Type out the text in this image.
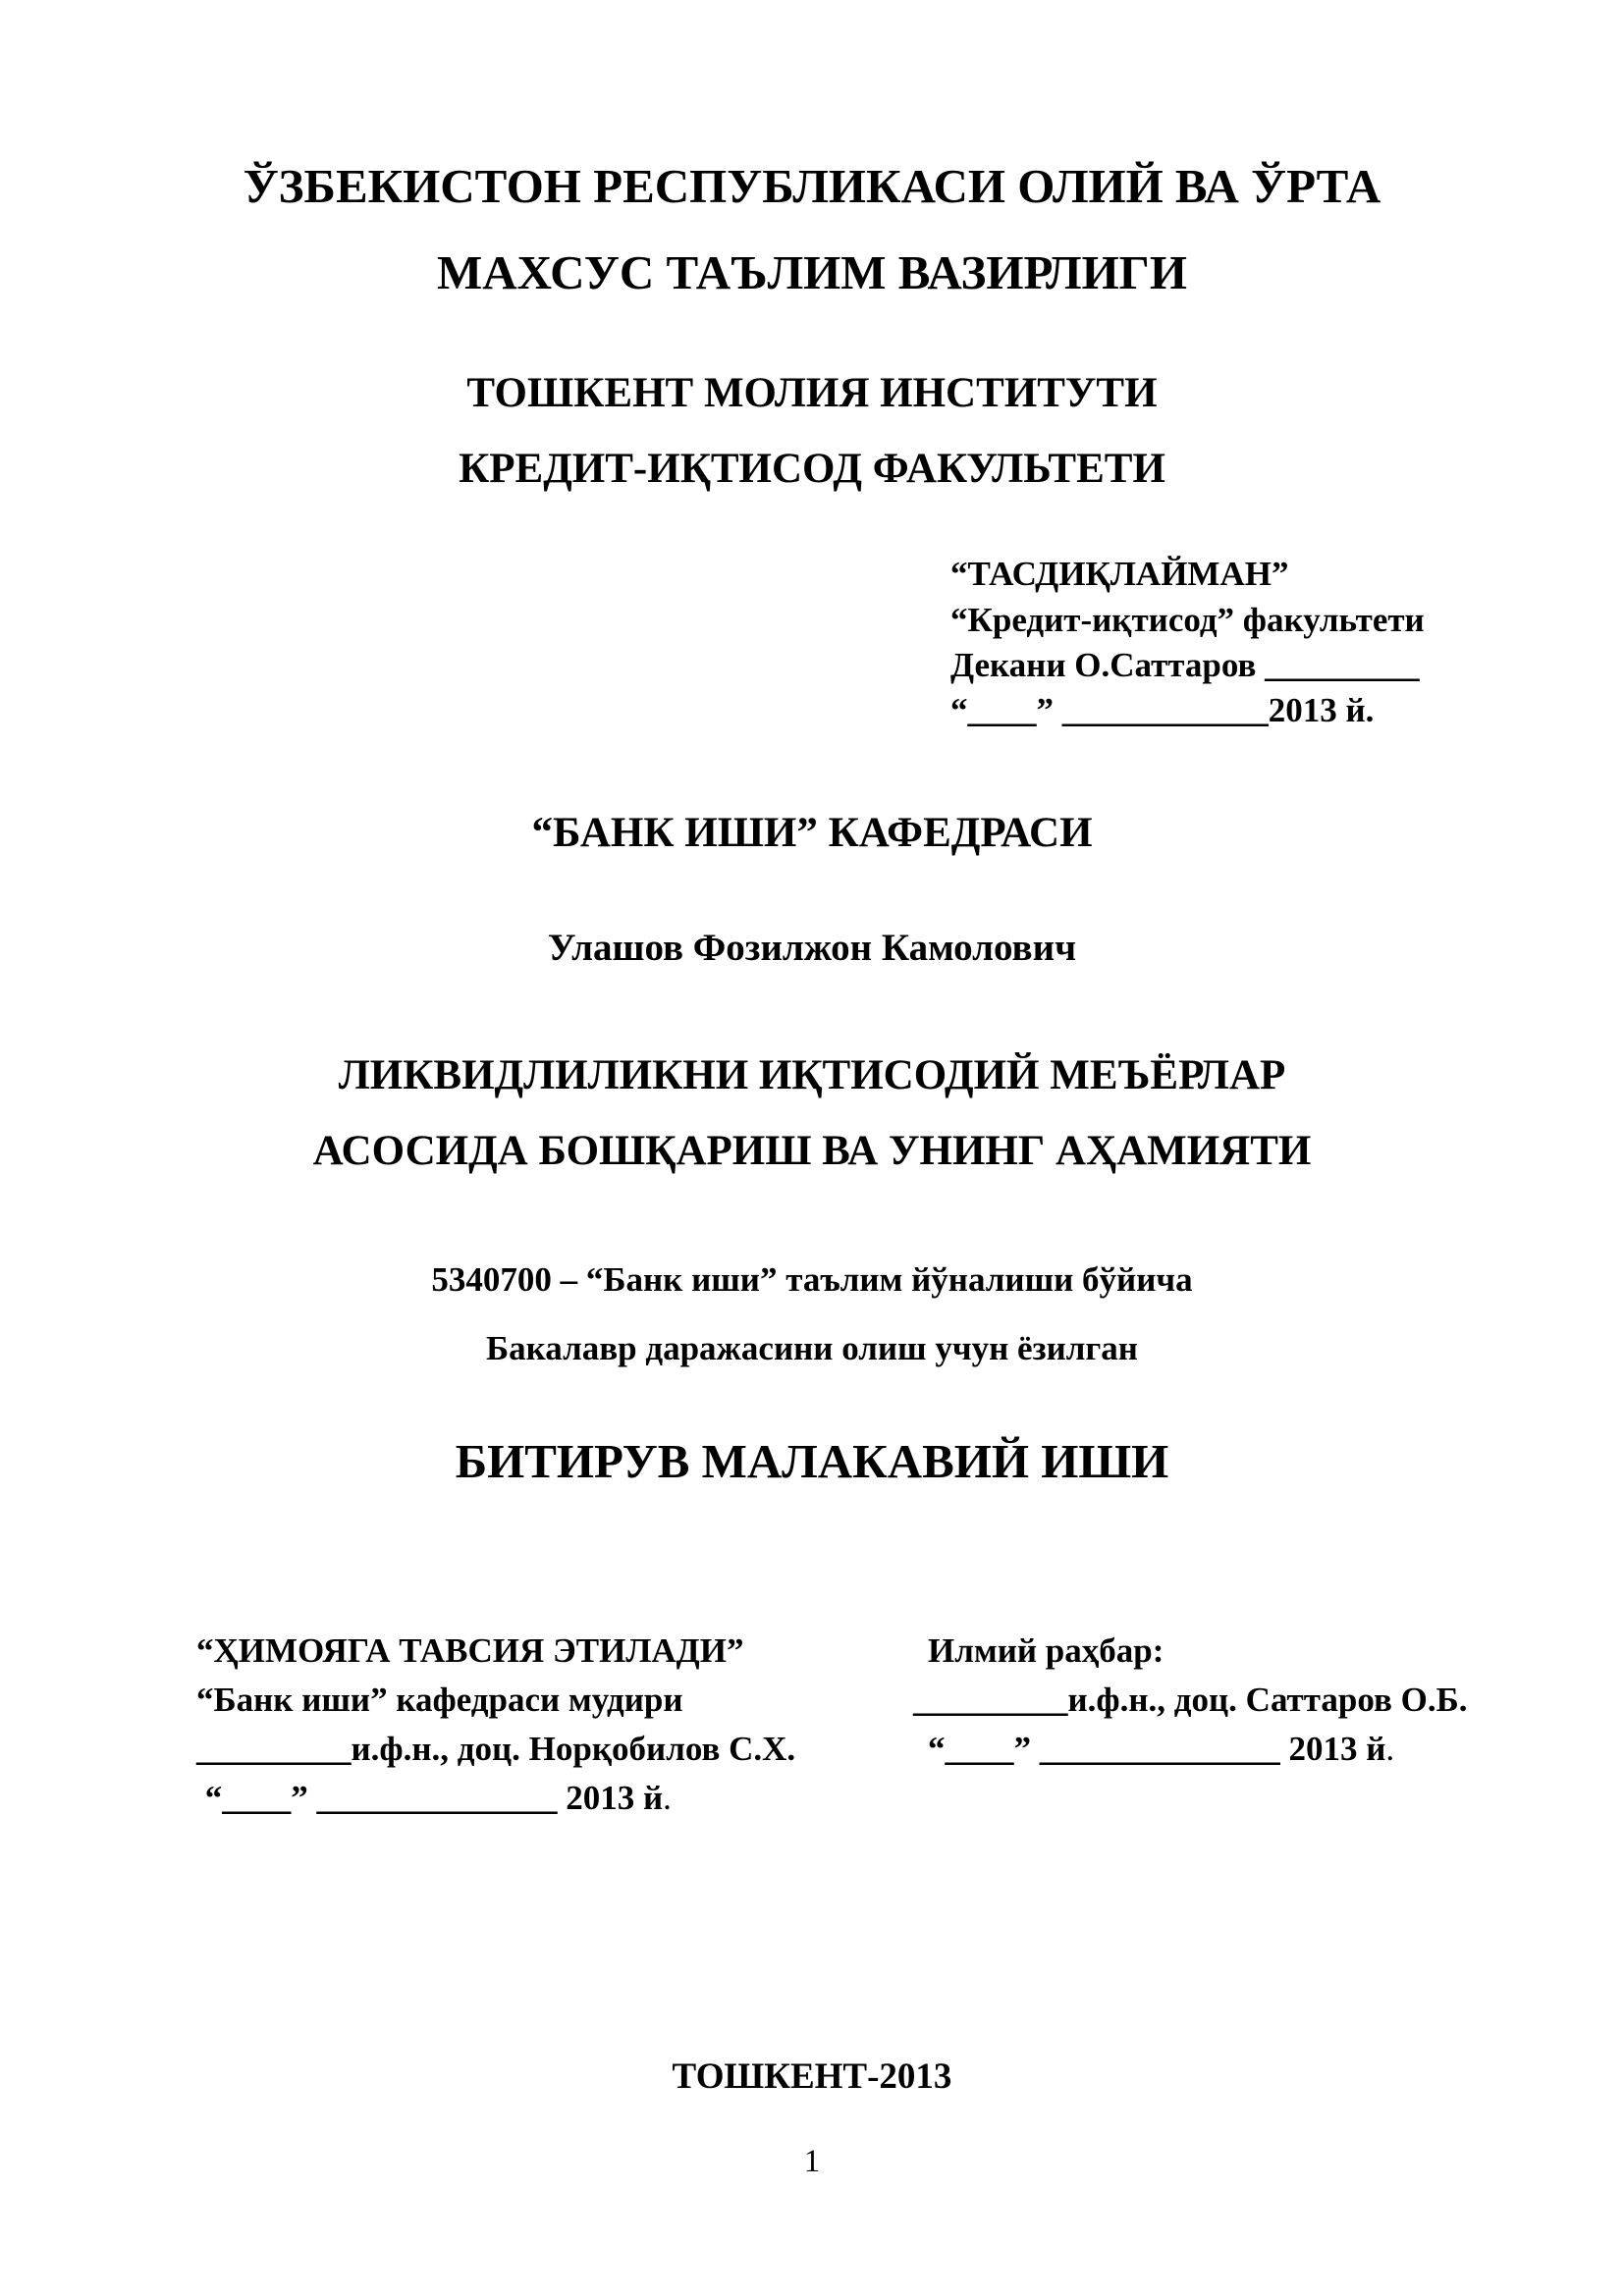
ЎЗБЕКИСТОН РЕСПУБЛИКАСИ ОЛИЙ ВА ЎРТА
МАХСУС ТАЪЛИМ ВАЗИРЛИГИ
ТОШКЕНТ МОЛИЯ ИНСТИТУТИ
КРЕДИТ-ИҚТИСОД ФАКУЛЬТЕТИ
“ТАСДИҚЛАЙМАН”
“Кредит-иқтисод” факультети
Декани О.Саттаров _________
“____” ____________2013 й.
“БАНК ИШИ” КАФЕДРАСИ
Улашов Фозилжон Камолович
ЛИКВИДЛИЛИКНИ ИҚТИСОДИЙ МЕЪЁРЛАР
АСОСИДА БОШҚАРИШ ВА УНИНГ АҲАМИЯТИ
5340700 – “Банк иши” таълим йўналиши бўйича
Бакалавр даражасини олиш учун ёзилган
БИТИРУВ МАЛАКАВИЙ ИШИ
“ҲИМОЯГА ТАВСИЯ ЭТИЛАДИ”
“Банк иши” кафедраси мудири
_________и.ф.н., доц. Норқобилов С.Х.
“____” ______________ 2013 й.
Илмий раҳбар:
_________и.ф.н., доц. Саттаров О.Б.
“____” ______________ 2013 й.
ТОШКЕНТ-2013
1
